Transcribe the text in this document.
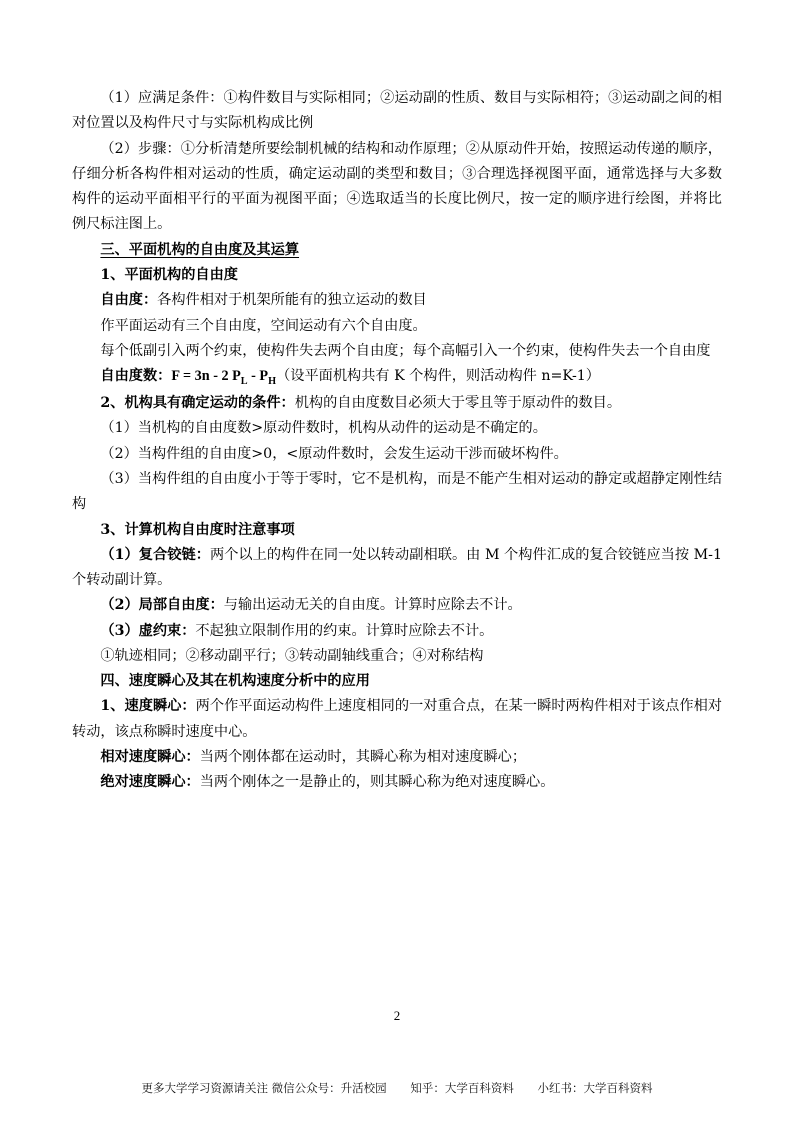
（1）应满足条件：①构件数目与实际相同；②运动副的性质、数目与实际相符；③运动副之间的相对位置以及构件尺寸与实际机构成比例

（2）步骤：①分析清楚所要绘制机械的结构和动作原理；②从原动件开始，按照运动传递的顺序，仔细分析各构件相对运动的性质，确定运动副的类型和数目；③合理选择视图平面，通常选择与大多数构件的运动平面相平行的平面为视图平面；④选取适当的长度比例尺，按一定的顺序进行绘图，并将比例尺标注图上。

三、平面机构的自由度及其运算

1、平面机构的自由度

自由度：各构件相对于机架所能有的独立运动的数目

作平面运动有三个自由度，空间运动有六个自由度。

每个低副引入两个约束，使构件失去两个自由度；每个高幅引入一个约束，使构件失去一个自由度

自由度数：F = 3n - 2 $P_L - P_H$（设平面机构共有 K 个构件，则活动构件 n=K-1）

2、机构具有确定运动的条件：机构的自由度数目必须大于零且等于原动件的数目。

（1）当机构的自由度数>原动件数时，机构从动件的运动是不确定的。

（2）当构件组的自由度>0，<原动件数时，会发生运动干涉而破坏构件。

（3）当构件组的自由度小于等于零时，它不是机构，而是不能产生相对运动的静定或超静定刚性结构

3、计算机构自由度时注意事项

（1）复合铰链：两个以上的构件在同一处以转动副相联。由 M 个构件汇成的复合铰链应当按 M-1 个转动副计算。

（2）局部自由度：与输出运动无关的自由度。计算时应除去不计。

（3）虚约束：不起独立限制作用的约束。计算时应除去不计。

①轨迹相同；②移动副平行；③转动副轴线重合；④对称结构

四、速度瞬心及其在机构速度分析中的应用

1、速度瞬心：两个作平面运动构件上速度相同的一对重合点，在某一瞬时两构件相对于该点作相对转动，该点称瞬时速度中心。

相对速度瞬心：当两个刚体都在运动时，其瞬心称为相对速度瞬心；

绝对速度瞬心：当两个刚体之一是静止的，则其瞬心称为绝对速度瞬心。

2
更多大学学习资源请关注 微信公众号：升活校园 知乎：大学百科资料 小红书：大学百科资料
